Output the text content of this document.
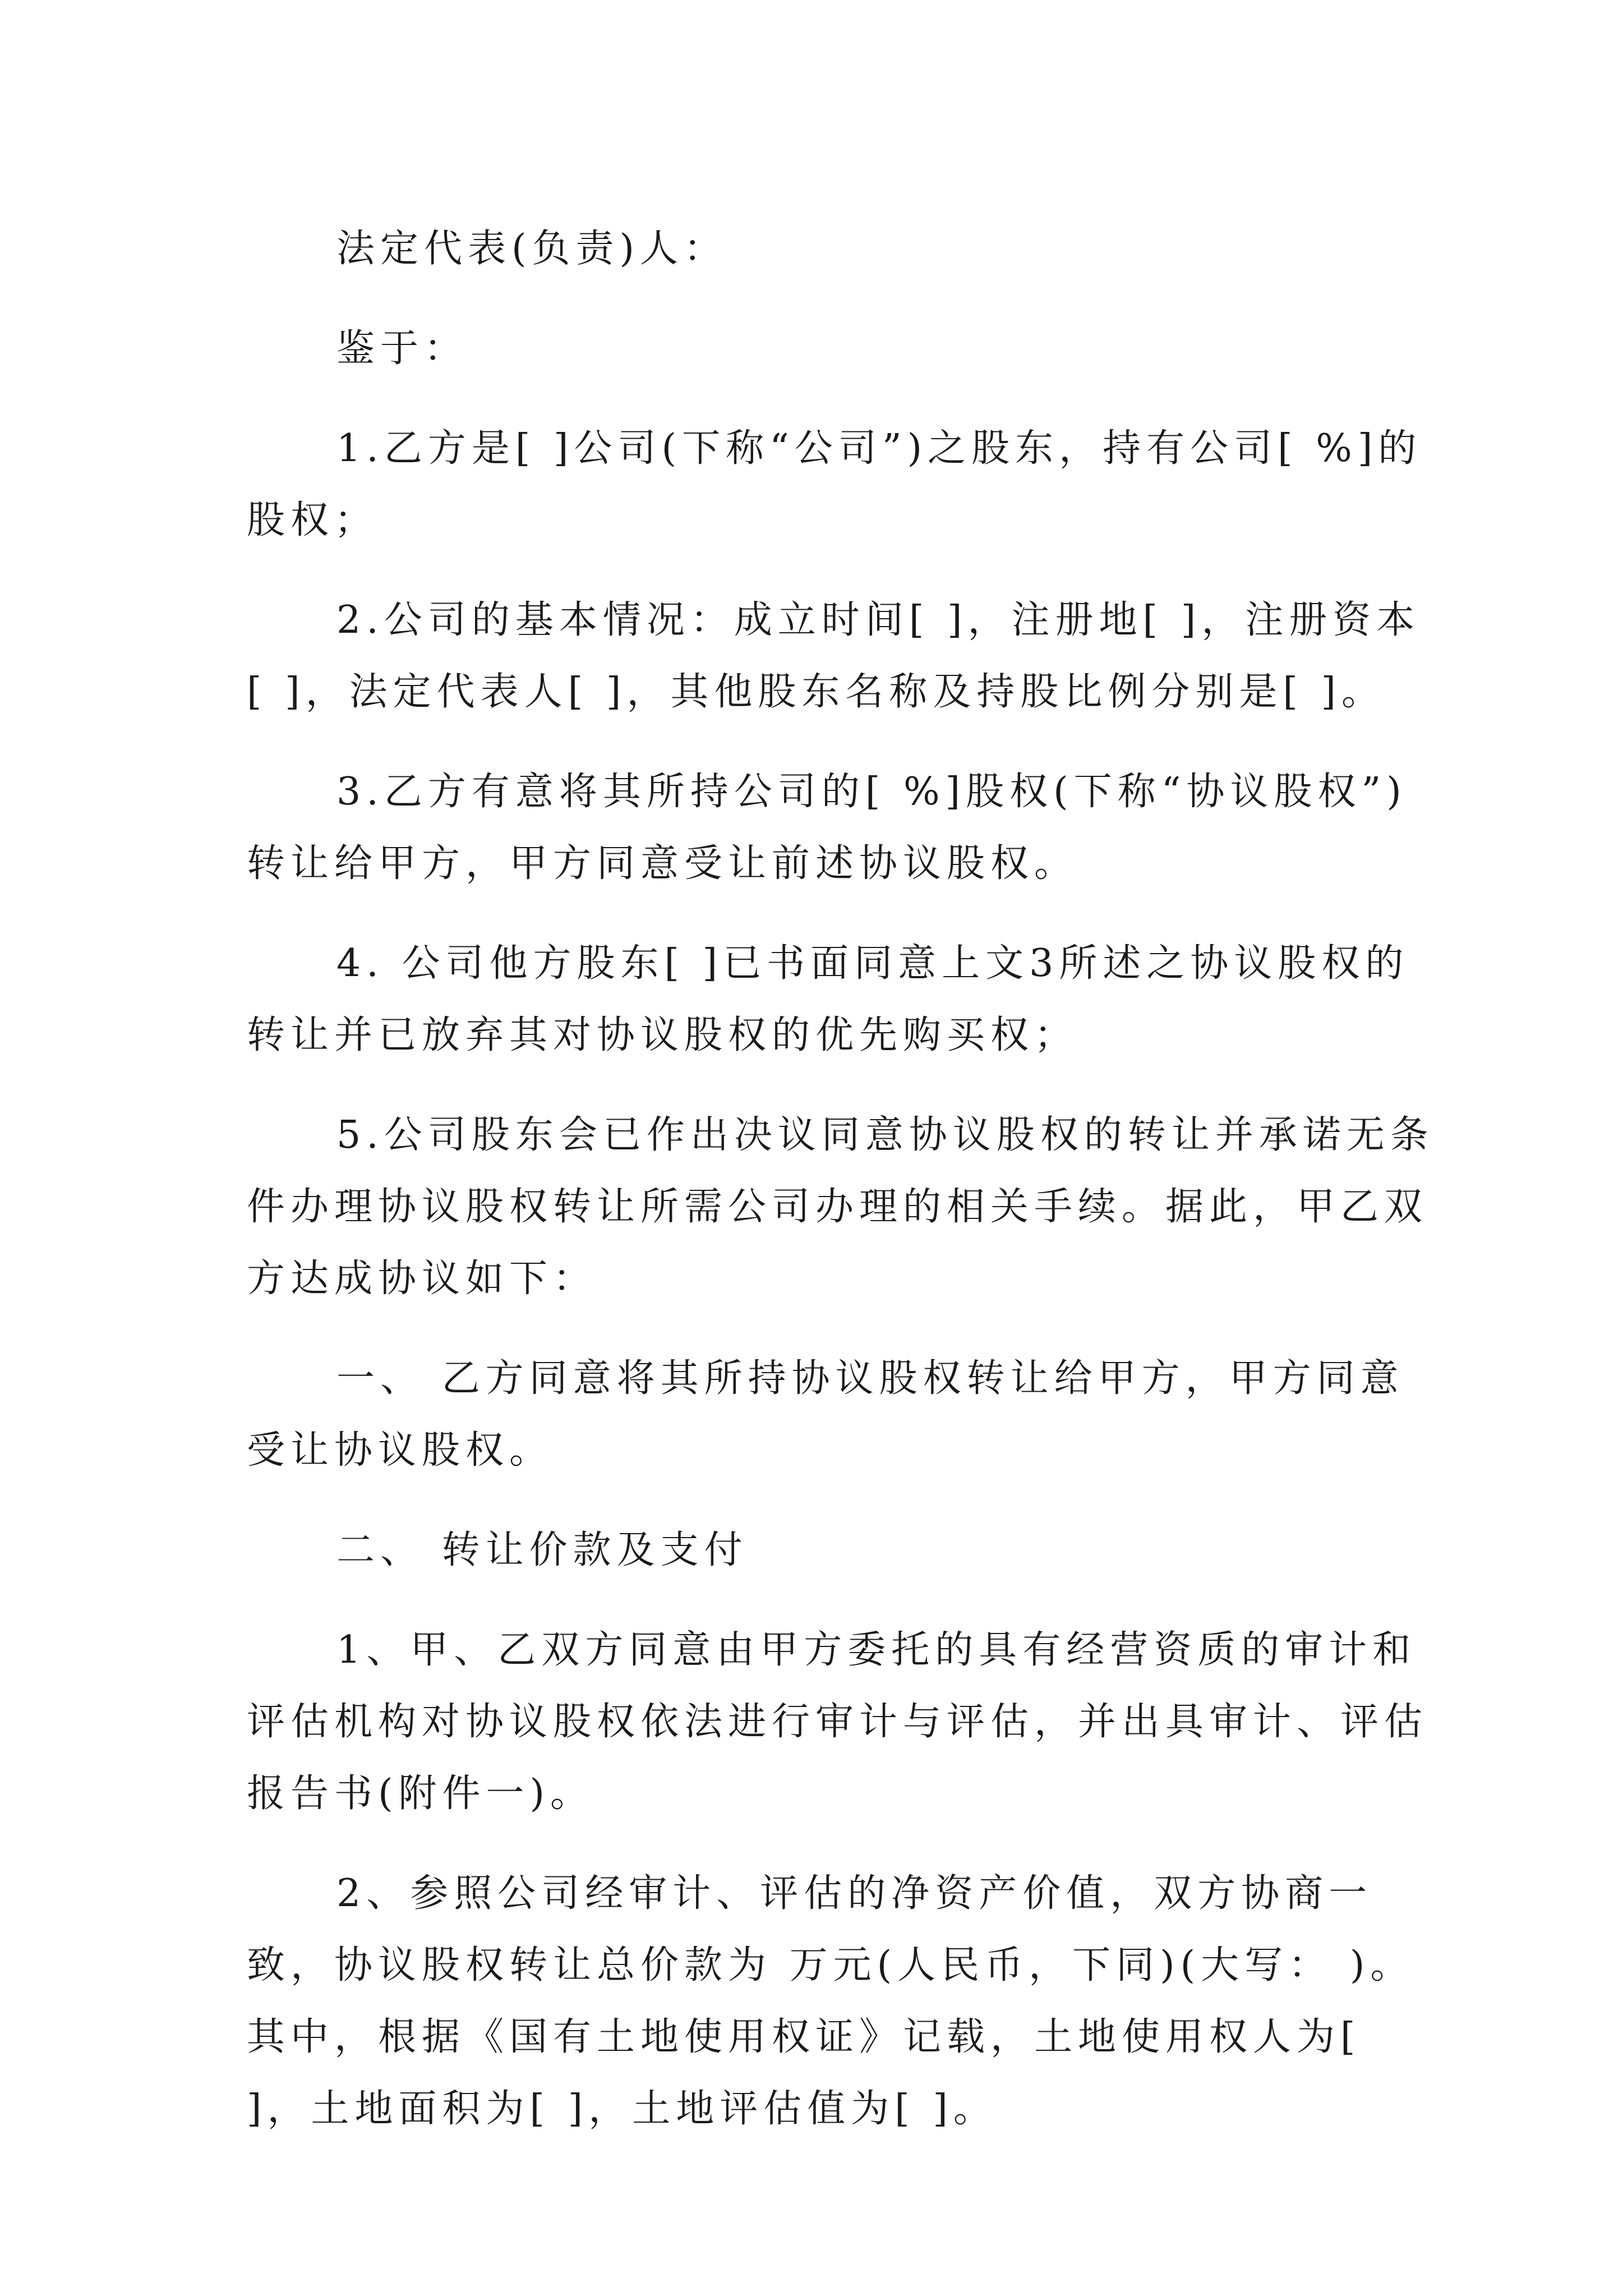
法定代表(负责)人：

鉴于：

1.乙方是[ ]公司(下称“公司”)之股东，持有公司[ %]的股权；

2.公司的基本情况：成立时间[ ]，注册地[ ]，注册资本[ ]，法定代表人[ ]，其他股东名称及持股比例分别是[ ]。

3.乙方有意将其所持公司的[ %]股权(下称“协议股权”)转让给甲方，甲方同意受让前述协议股权。

4. 公司他方股东[ ]已书面同意上文3所述之协议股权的转让并已放弃其对协议股权的优先购买权；

5.公司股东会已作出决议同意协议股权的转让并承诺无条件办理协议股权转让所需公司办理的相关手续。据此，甲乙双方达成协议如下：

一、 乙方同意将其所持协议股权转让给甲方，甲方同意受让协议股权。

二、 转让价款及支付

1、甲、乙双方同意由甲方委托的具有经营资质的审计和评估机构对协议股权依法进行审计与评估，并出具审计、评估报告书(附件一)。

2、参照公司经审计、评估的净资产价值，双方协商一致，协议股权转让总价款为 万元(人民币，下同)(大写： )。其中，根据《国有土地使用权证》记载，土地使用权人为[ ]，土地面积为[ ]，土地评估值为[ ]。
